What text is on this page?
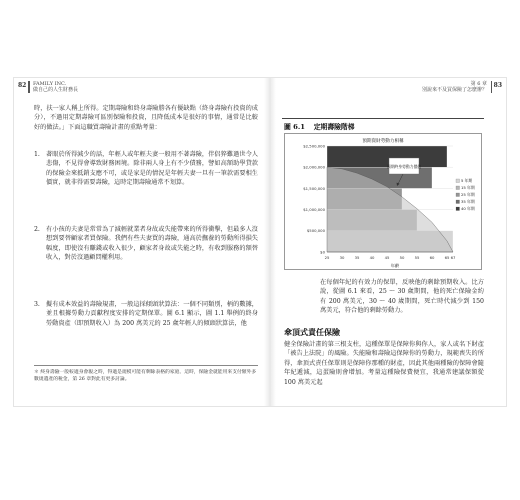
82 FAMILY INC.
做自己的人生財務長

時，扶一家人稱上所得。定期壽險和終身壽險勝各有優缺點（終身壽險有投資的成分），不過用定期壽險可區別保險和投資，且降低成本是很好的事情，通常是比較好的做法。」下面這職買壽險計畫的重點考量：

1. 著眼於所得減少的話，年輕人或年輕夫妻一般用不著壽險，伴侶猝難過世令人悲傷，不見得會導致財務困境。除非兩人身上有不少債務，譬如高額助學貸款的保險金來抵銷支應不可，或是家是的情況是年輕夫妻一旦有一筆款需要相生價實，就非得需要壽險，這時定期壽險通常不划算。
2. 有小孩的夫妻是常常為了減輕就業者身故或失能帶來的所得衝擊，但最多人沒想到要替顧家者買保險。我們有些夫妻買的壽險，通高於撫養的勞動所得損失幅度，即使沒有賺錢或收入很少，顧家者身故或失能之時，有收到服務的額替收入，對於沒過顧問權利用。
3. 擬有成本效益的壽險規畫，一般這採傾頭狀算法：一個不同類別，柄的數據，並且根據勞動力貢獻程度安排的定期保單。圖 6.1 顯示，圖 1.1 舉例的終身勞動資產（即預期收入）為 200 萬美元的 25 歲年輕人的傾頭狀算法，他

＊ 終身壽險一般較適身會親之時，得適是規模可能有剩餘表格的家庭、這時，保險金就能用來支付額外多數規遺產的稅金，第 26 章對此有更多討論。

83
第 6 章
別說來不及買保險了怎麼辦？
圖 6.1 定期壽險階梯
預期資財勞動力相稱
$2,500,000
$2,000,000
$1,500,000
$1,000,000
$500,000
$0
25	30	35	40	45	50	55	60	65 67
年齡
預期終身勞動力價值
5 年期
15 年期
25 年期
35 年期
40 年期

在每個年紀的有效力的保單，反映他的剩餘預期收入。比方說，從圖 6.1 來看，25 ～ 30 歲期間，他的死亡保險金約有 200 萬美元，30 ～ 40 歲期間，死亡時代減少到 150 萬美元，符合他的剩餘勞動力。

傘頂式責任保險

健全保險計畫的第三根支柱，這種保單是保障你與你人，家人或名下財產「被告上法院」的風險。失能險和壽險這保障你的勞動力，規範喪失的所得，傘頂式責任保單則是保障你那種的財產，因此其他兩種險的保障會隨年紀遞減，這蛋險則會增加。考量這種險保費便宜，我通常建議保額從 100 萬美元起
